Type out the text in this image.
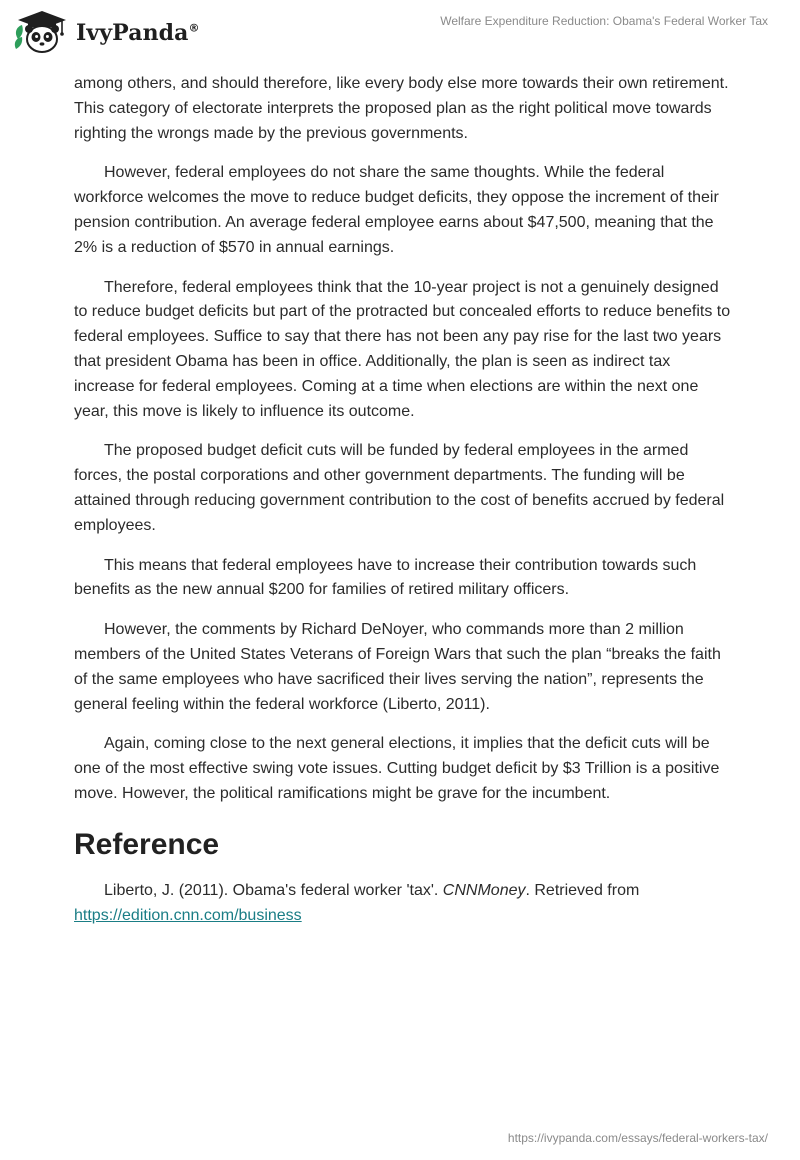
IvyPanda®
Welfare Expenditure Reduction: Obama's Federal Worker Tax

among others, and should therefore, like every body else more towards their own retirement. This category of electorate interprets the proposed plan as the right political move towards righting the wrongs made by the previous governments.

However, federal employees do not share the same thoughts. While the federal workforce welcomes the move to reduce budget deficits, they oppose the increment of their pension contribution. An average federal employee earns about $47,500, meaning that the 2% is a reduction of $570 in annual earnings.

Therefore, federal employees think that the 10-year project is not a genuinely designed to reduce budget deficits but part of the protracted but concealed efforts to reduce benefits to federal employees. Suffice to say that there has not been any pay rise for the last two years that president Obama has been in office. Additionally, the plan is seen as indirect tax increase for federal employees. Coming at a time when elections are within the next one year, this move is likely to influence its outcome.

The proposed budget deficit cuts will be funded by federal employees in the armed forces, the postal corporations and other government departments. The funding will be attained through reducing government contribution to the cost of benefits accrued by federal employees.

This means that federal employees have to increase their contribution towards such benefits as the new annual $200 for families of retired military officers.

However, the comments by Richard DeNoyer, who commands more than 2 million members of the United States Veterans of Foreign Wars that such the plan “breaks the faith of the same employees who have sacrificed their lives serving the nation”, represents the general feeling within the federal workforce (Liberto, 2011).

Again, coming close to the next general elections, it implies that the deficit cuts will be one of the most effective swing vote issues. Cutting budget deficit by $3 Trillion is a positive move. However, the political ramifications might be grave for the incumbent.

Reference

Liberto, J. (2011). Obama's federal worker 'tax'. CNNMoney. Retrieved from
https://edition.cnn.com/business

https://ivypanda.com/essays/federal-workers-tax/
